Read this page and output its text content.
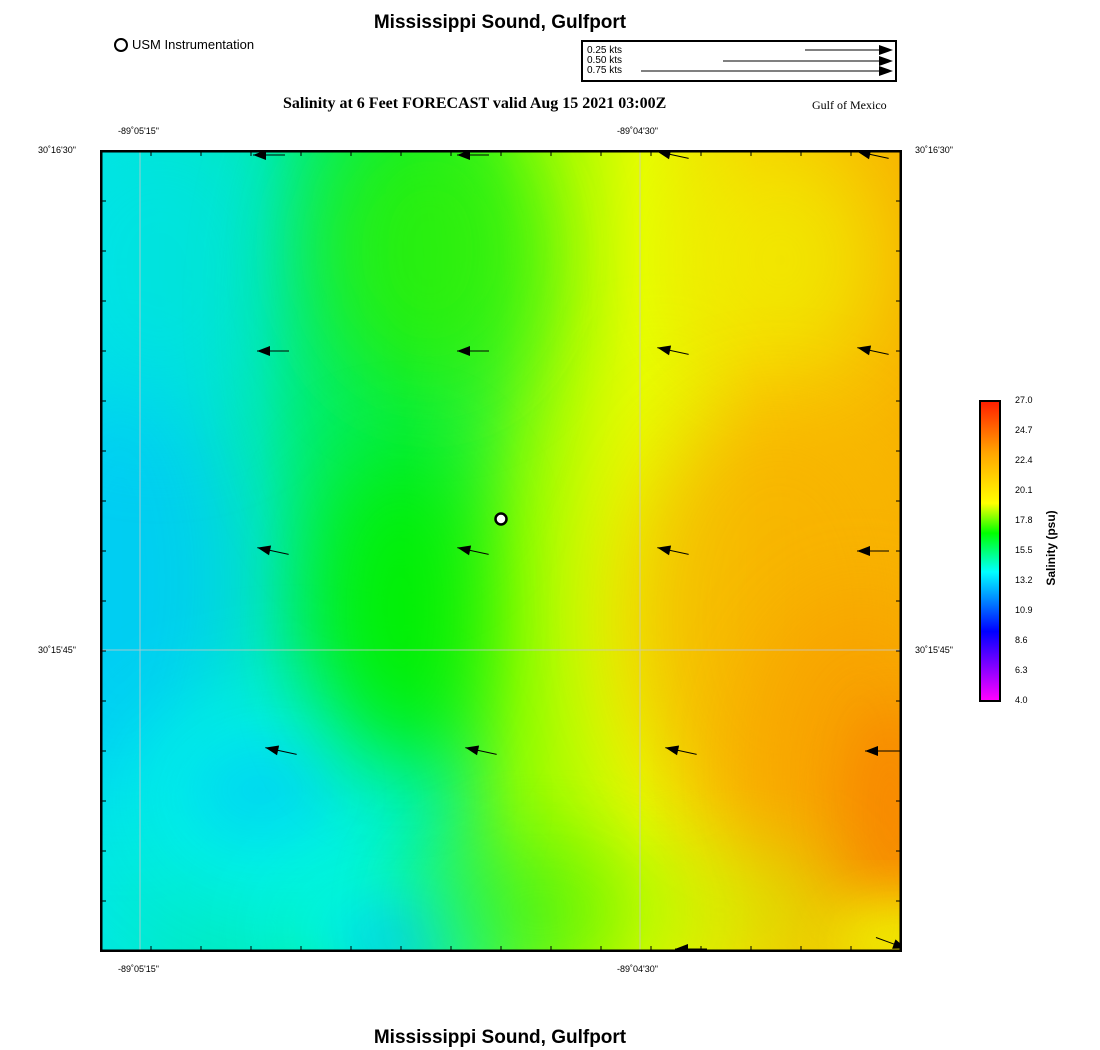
Mississippi Sound, Gulfport
USM Instrumentation	0.25 kts
0.50 kts
0.75 kts
Salinity at 6 Feet FORECAST valid Aug 15 2021 03:00Z	Gulf of Mexico
-89˚05'15"	-89˚04'30"
-89˚05'15"	-89˚04'30"
30˚16'30"
30˚15'45"
30˚16'30"
30˚15'45"
27.0
24.7
22.4
20.1
17.8
15.5
13.2
10.9
8.6
6.3
4.0
Salinity (psu)
Mississippi Sound, Gulfport
